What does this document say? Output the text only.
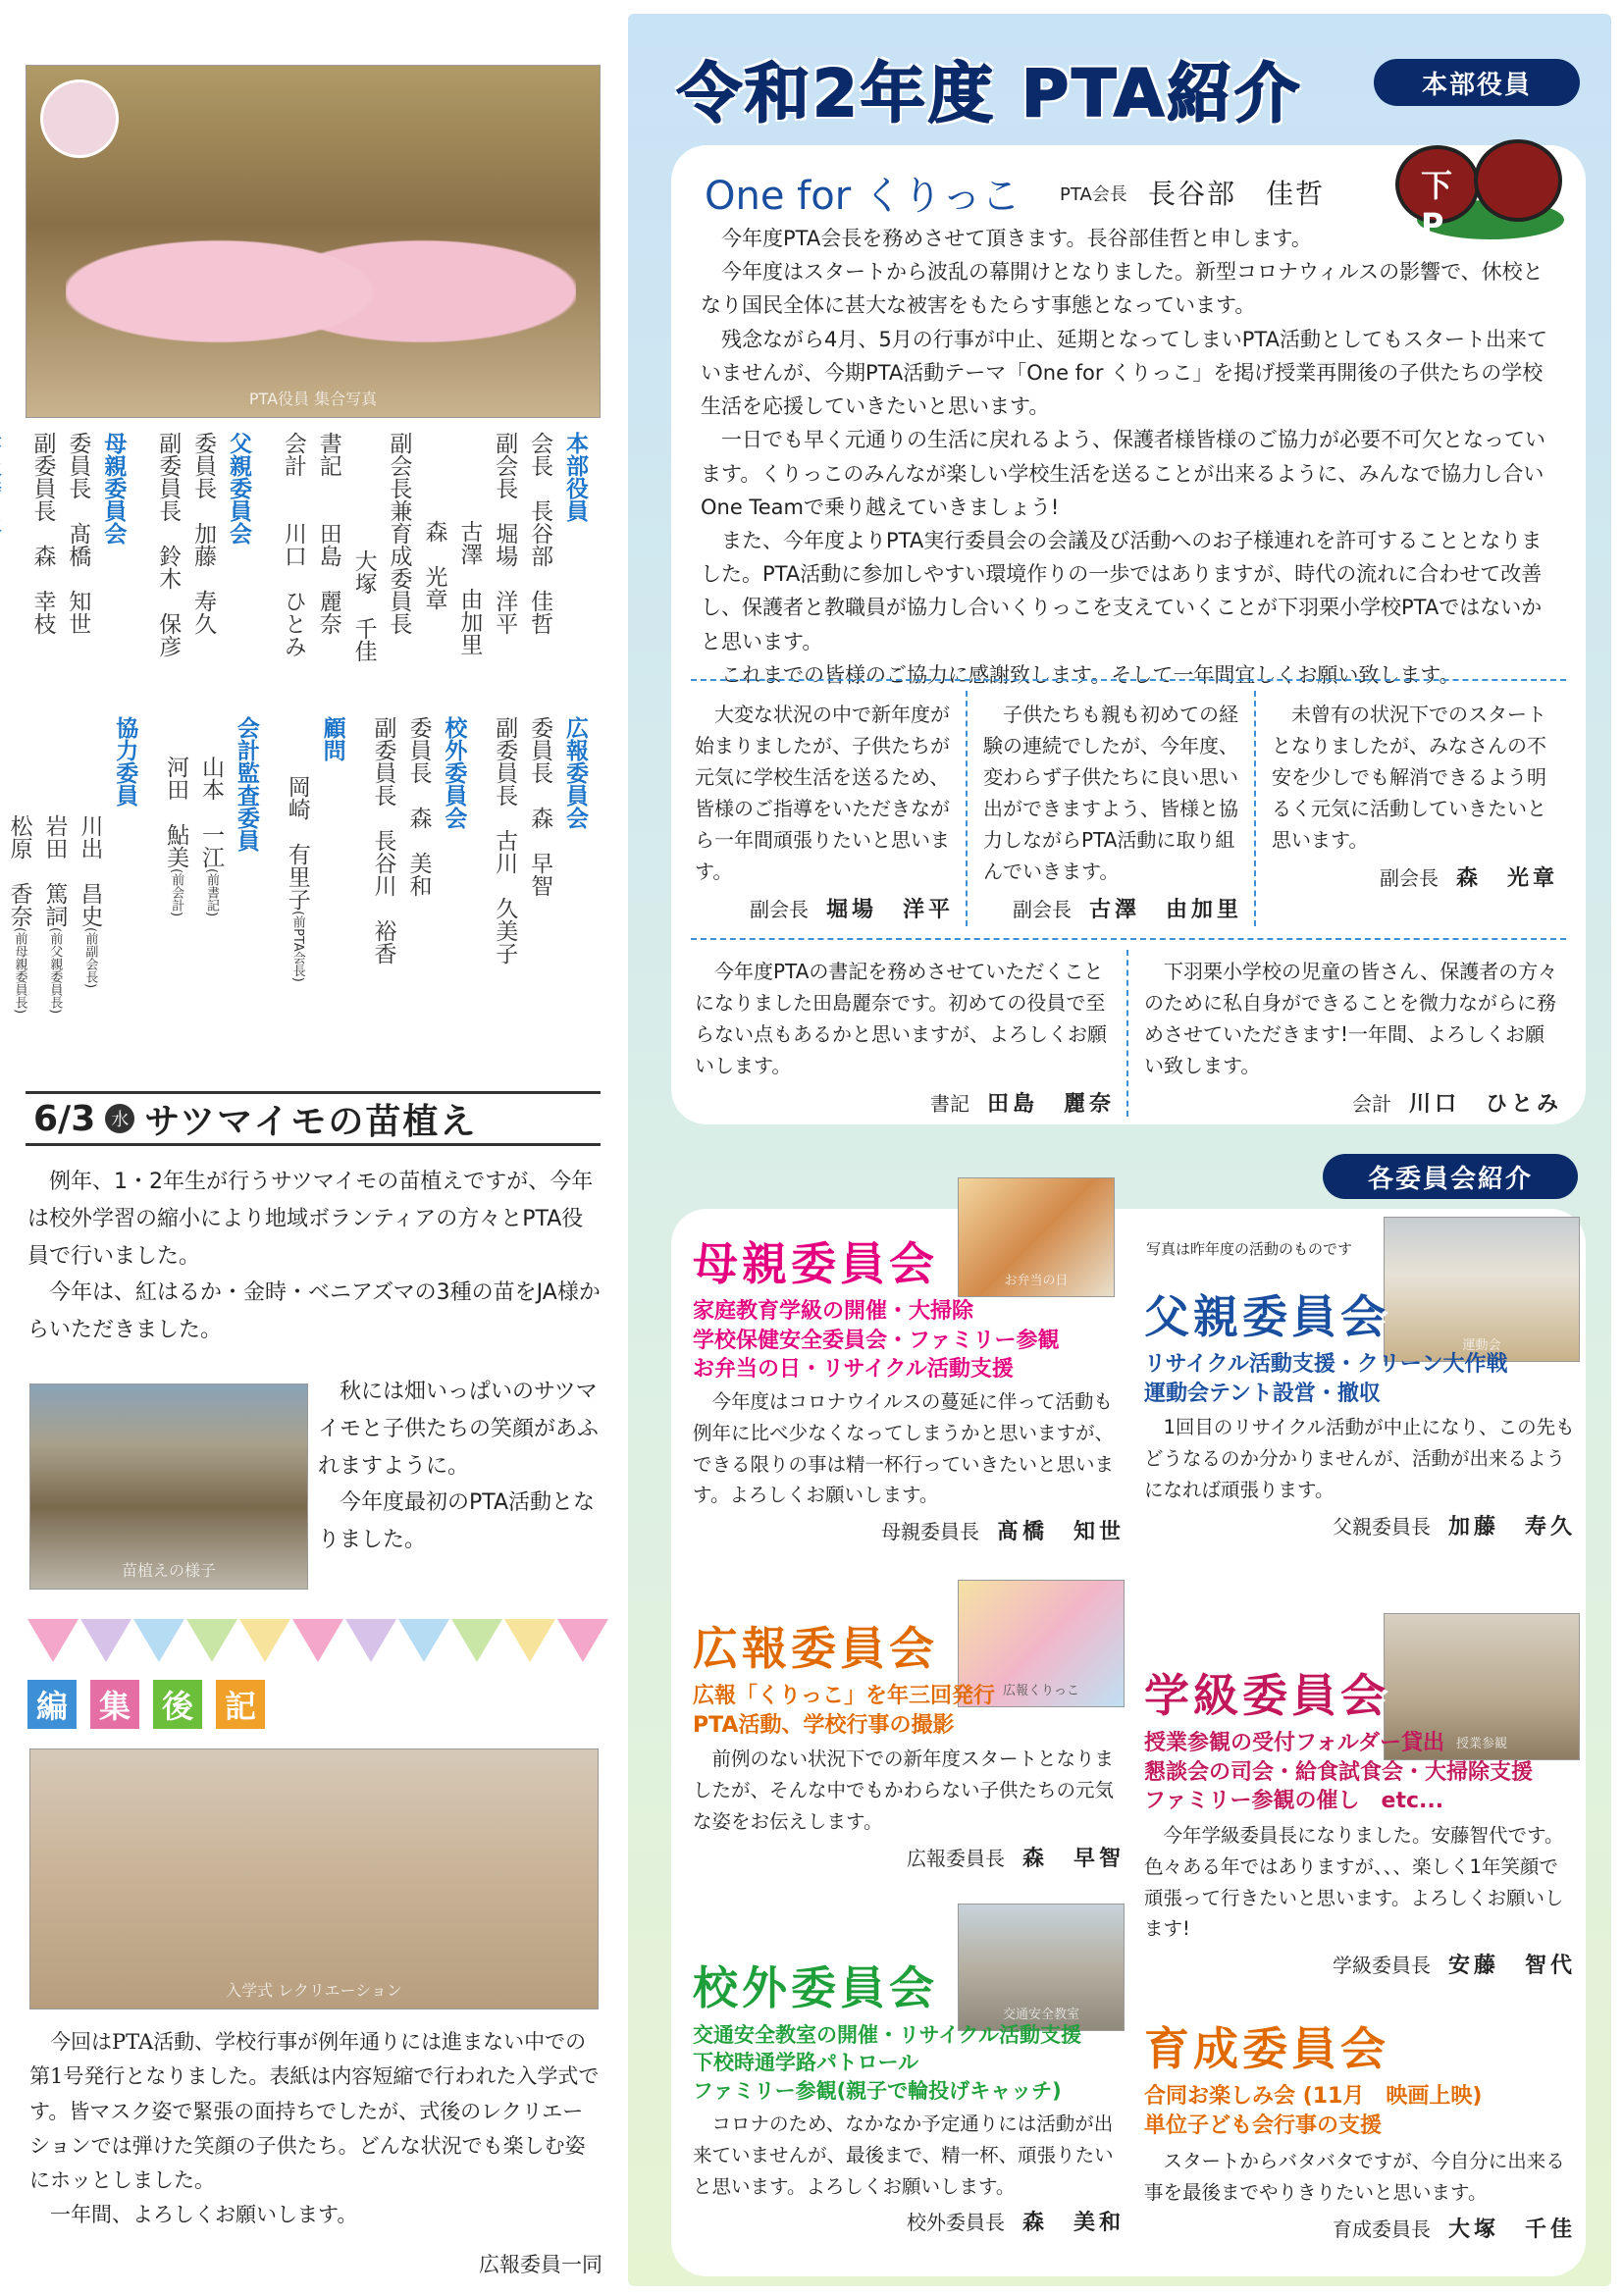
PTA役員 集合写真
本部役員
会長　長谷部　佳哲
副会長　堀場　洋平
古澤　由加里
森　光章
副会長兼育成委員長
大塚　千佳
書記　　田島　麗奈
会計　　川口　ひとみ
父親委員会
委員長　加藤　寿久
副委員長　鈴木　保彦
母親委員会
委員長　髙橋　知世
副委員長　森　幸枝

広報委員会
委員長　森　早智
副委員長　古川　久美子
校外委員会
委員長　森　美和
副委員長　長谷川　裕香
顧問
岡崎　有里子(前PTA会長)
会計監査委員
山本　一江(前書記)
河田　鮎美(前会計)
協力委員
川出　昌史(前副会長)
岩田　篤詞(前父親委員長)
松原　香奈(前母親委員長)
6/3 水 サツマイモの苗植え

例年、1・2年生が行うサツマイモの苗植えですが、今年は校外学習の縮小により地域ボランティアの方々とPTA役員で行いました。

今年は、紅はるか・金時・ベニアズマの3種の苗をJA様からいただきました。

苗植えの様子

秋には畑いっぱいのサツマイモと子供たちの笑顔があふれますように。

今年度最初のPTA活動となりました。

編 集 後 記
入学式 レクリエーション

今回はPTA活動、学校行事が例年通りには進まない中での第1号発行となりました。表紙は内容短縮で行われた入学式です。皆マスク姿で緊張の面持ちでしたが、式後のレクリエーションでは弾けた笑顔の子供たち。どんな状況でも楽しむ姿にホッとしました。

一年間、よろしくお願いします。

広報委員一同

令和2年度 PTA紹介	本部役員
One for くりっこ PTA会長 長谷部　佳哲	下P

今年度PTA会長を務めさせて頂きます。長谷部佳哲と申します。

今年度はスタートから波乱の幕開けとなりました。新型コロナウィルスの影響で、休校となり国民全体に甚大な被害をもたらす事態となっています。

残念ながら4月、5月の行事が中止、延期となってしまいPTA活動としてもスタート出来ていませんが、今期PTA活動テーマ「One for くりっこ」を掲げ授業再開後の子供たちの学校生活を応援していきたいと思います。

一日でも早く元通りの生活に戻れるよう、保護者様皆様のご協力が必要不可欠となっています。くりっこのみんなが楽しい学校生活を送ることが出来るように、みんなで協力し合いOne Teamで乗り越えていきましょう!

また、今年度よりPTA実行委員会の会議及び活動へのお子様連れを許可することとなりました。PTA活動に参加しやすい環境作りの一歩ではありますが、時代の流れに合わせて改善し、保護者と教職員が協力し合いくりっこを支えていくことが下羽栗小学校PTAではないかと思います。

これまでの皆様のご協力に感謝致します。そして一年間宜しくお願い致します。

大変な状況の中で新年度が始まりましたが、子供たちが元気に学校生活を送るため、皆様のご指導をいただきながら一年間頑張りたいと思います。

副会長 堀場　洋平

子供たちも親も初めての経験の連続でしたが、今年度、変わらず子供たちに良い思い出ができますよう、皆様と協力しながらPTA活動に取り組んでいきます。

副会長 古澤　由加里

未曾有の状況下でのスタートとなりましたが、みなさんの不安を少しでも解消できるよう明るく元気に活動していきたいと思います。

副会長 森　光章

今年度PTAの書記を務めさせていただくことになりました田島麗奈です。初めての役員で至らない点もあるかと思いますが、よろしくお願いします。

書記 田島　麗奈

下羽栗小学校の児童の皆さん、保護者の方々のために私自身ができることを微力ながらに務めさせていただきます!一年間、よろしくお願い致します。

会計 川口　ひとみ

各委員会紹介
写真は昨年度の活動のものです
お弁当の日
母親委員会
家庭教育学級の開催・大掃除
学校保健安全委員会・ファミリー参観
お弁当の日・リサイクル活動支援

今年度はコロナウイルスの蔓延に伴って活動も例年に比べ少なくなってしまうかと思いますが、できる限りの事は精一杯行っていきたいと思います。よろしくお願いします。

母親委員長 髙橋　知世

運動会
父親委員会
リサイクル活動支援・クリーン大作戦
運動会テント設営・撤収

1回目のリサイクル活動が中止になり、この先もどうなるのか分かりませんが、活動が出来るようになれば頑張ります。

父親委員長 加藤　寿久

広報くりっこ
広報委員会
広報「くりっこ」を年三回発行
PTA活動、学校行事の撮影

前例のない状況下での新年度スタートとなりましたが、そんな中でもかわらない子供たちの元気な姿をお伝えします。

広報委員長 森　早智

授業参観
学級委員会
授業参観の受付フォルダー貸出
懇談会の司会・給食試食会・大掃除支援
ファミリー参観の催し　etc...

今年学級委員長になりました。安藤智代です。色々ある年ではありますが、、、楽しく1年笑顔で頑張って行きたいと思います。よろしくお願いします!

学級委員長 安藤　智代

交通安全教室
校外委員会
交通安全教室の開催・リサイクル活動支援
下校時通学路パトロール
ファミリー参観(親子で輪投げキャッチ)

コロナのため、なかなか予定通りには活動が出来ていませんが、最後まで、精一杯、頑張りたいと思います。よろしくお願いします。

校外委員長 森　美和

育成委員会
合同お楽しみ会 (11月　映画上映)
単位子ども会行事の支援

スタートからバタバタですが、今自分に出来る事を最後までやりきりたいと思います。

育成委員長 大塚　千佳
